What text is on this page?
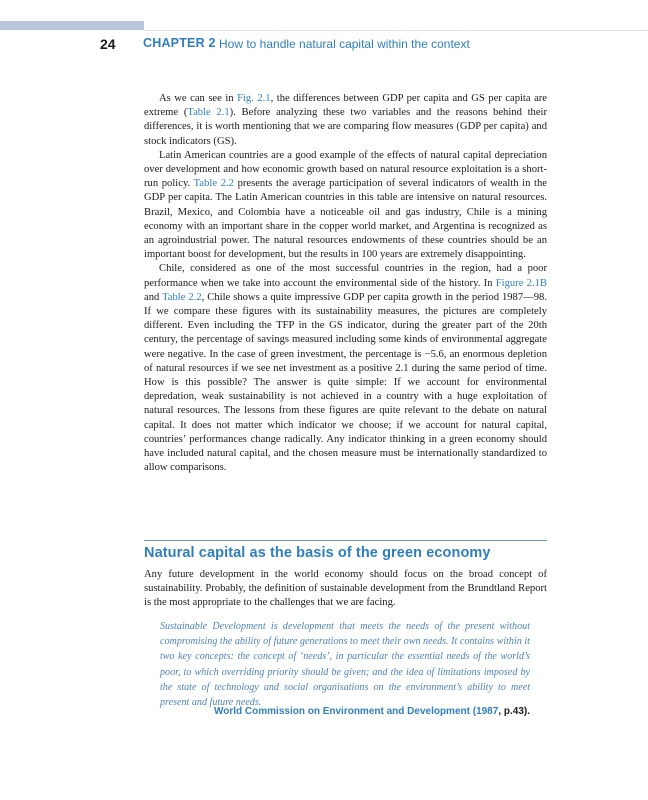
24 CHAPTER 2 How to handle natural capital within the context

As we can see in Fig. 2.1, the differences between GDP per capita and GS per capita are extreme (Table 2.1). Before analyzing these two variables and the reasons behind their differences, it is worth mentioning that we are comparing flow measures (GDP per capita) and stock indicators (GS).

Latin American countries are a good example of the effects of natural capital depreciation over development and how economic growth based on natural resource exploitation is a short-run policy. Table 2.2 presents the average participation of several indicators of wealth in the GDP per capita. The Latin American countries in this table are intensive on natural resources. Brazil, Mexico, and Colombia have a noticeable oil and gas industry, Chile is a mining economy with an important share in the copper world market, and Argentina is recognized as an agroindustrial power. The natural resources endowments of these countries should be an important boost for development, but the results in 100 years are extremely disappointing.

Chile, considered as one of the most successful countries in the region, had a poor performance when we take into account the environmental side of the history. In Figure 2.1B and Table 2.2, Chile shows a quite impressive GDP per capita growth in the period 1987—98. If we compare these figures with its sustainability measures, the pictures are completely different. Even including the TFP in the GS indicator, during the greater part of the 20th century, the percentage of savings measured including some kinds of environmental aggregate were negative. In the case of green investment, the percentage is −5.6, an enormous depletion of natural resources if we see net investment as a positive 2.1 during the same period of time. How is this possible? The answer is quite simple: If we account for environmental depredation, weak sustainability is not achieved in a country with a huge exploitation of natural resources. The lessons from these figures are quite relevant to the debate on natural capital. It does not matter which indicator we choose; if we account for natural capital, countries’ performances change radically. Any indicator thinking in a green economy should have included natural capital, and the chosen measure must be internationally standardized to allow comparisons.

Natural capital as the basis of the green economy

Any future development in the world economy should focus on the broad concept of sustainability. Probably, the definition of sustainable development from the Brundtland Report is the most appropriate to the challenges that we are facing.

Sustainable Development is development that meets the needs of the present without compromising the ability of future generations to meet their own needs. It contains within it two key concepts: the concept of ‘needs’, in particular the essential needs of the world’s poor, to which overriding priority should be given; and the idea of limitations imposed by the state of technology and social organisations on the environment’s ability to meet present and future needs.

World Commission on Environment and Development (1987, p.43).
